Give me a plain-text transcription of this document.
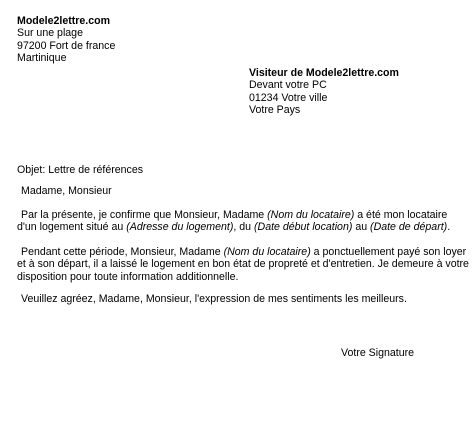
Modele2lettre.com
Sur une plage
97200 Fort de france
Martinique
Visiteur de Modele2lettre.com
Devant votre PC
01234 Votre ville
Votre Pays
Objet: Lettre de références
Madame, Monsieur

Par la présente, je confirme que Monsieur, Madame (Nom du locataire) a été mon locataire d'un logement situé au (Adresse du logement), du (Date début location) au (Date de départ).

Pendant cette période, Monsieur, Madame (Nom du locataire) a ponctuellement payé son loyer et à son départ, il a laissé le logement en bon état de propreté et d'entretien. Je demeure à votre disposition pour toute information additionnelle.

Veuillez agréez, Madame, Monsieur, l'expression de mes sentiments les meilleurs.

Votre Signature
